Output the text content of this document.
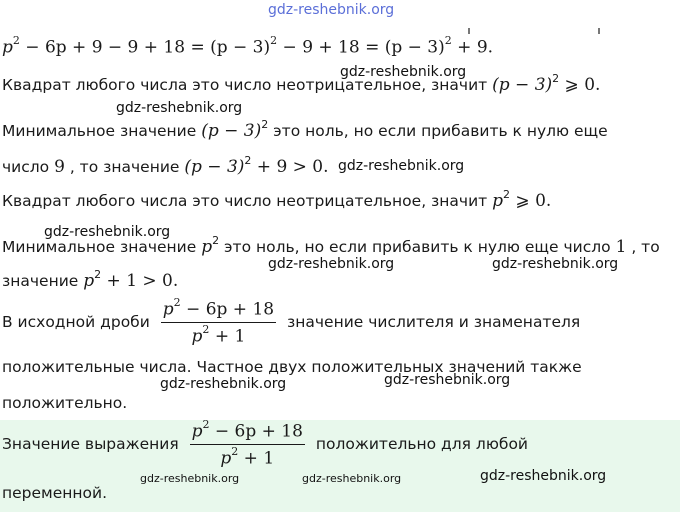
gdz-reshebnik.org
$p^2 - 6p + 9 - 9 + 18 = (p - 3)^2 - 9 + 18 = (p - 3)^2 + 9$.
Квадрат любого числа это число неотрицательное, значит $(p - 3)^2$ ⩾ 0.
Минимальное значение $(p - 3)^2$ это ноль, но если прибавить к нулю еще
число 9 , то значение $(p - 3)^2 + 9 > 0$.
Квадрат любого числа это число неотрицательное, значит $p^2$ ⩾ 0.
Минимальное значение $p^2$ это ноль, но если прибавить к нулю еще число 1 , то
значение $p^2 + 1 > 0$.
В исходной дроби $\frac{p^2 - 6p + 18}{p^2 + 1}$ значение числителя и знаменателя
положительные числа. Частное двух положительных значений также
положительно.
Значение выражения $\frac{p^2 - 6p + 18}{p^2 + 1}$ положительно для любой
переменной.
gdz-reshebnik.org
gdz-reshebnik.org
gdz-reshebnik.org
gdz-reshebnik.org
gdz-reshebnik.org	gdz-reshebnik.org
gdz-reshebnik.org	gdz-reshebnik.org
gdz-reshebnik.org	gdz-reshebnik.org	gdz-reshebnik.org
